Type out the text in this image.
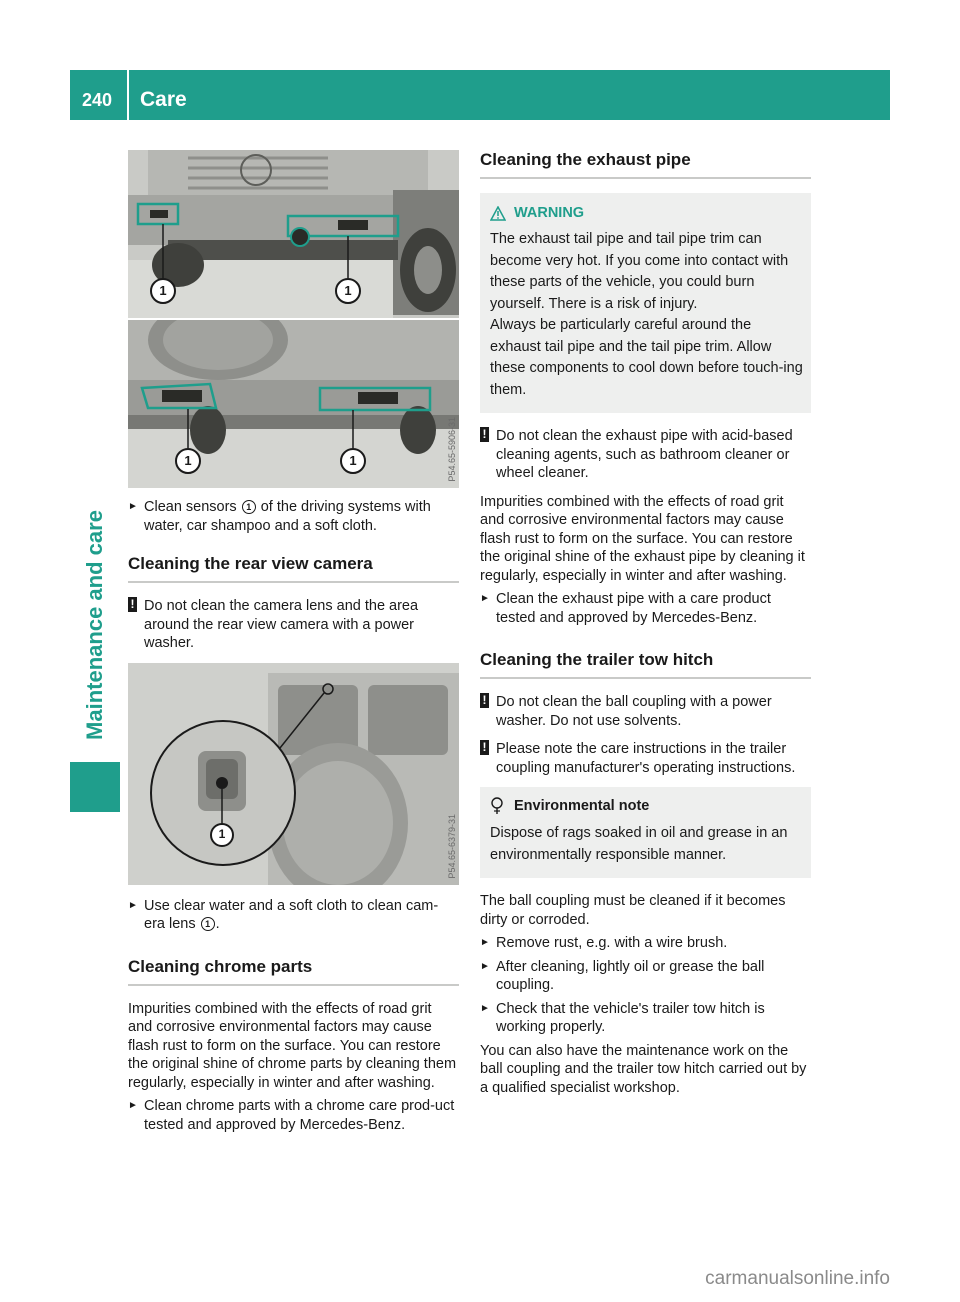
240 Care
Maintenance and care
1	1
1	1	P54.65-5906-31
► Clean sensors 1 of the driving systems with water, car shampoo and a soft cloth.
Cleaning the rear view camera
! Do not clean the camera lens and the area around the rear view camera with a power washer.
1	P54.65-6379-31
► Use clear water and a soft cloth to clean cam-era lens 1 .
Cleaning chrome parts
Impurities combined with the effects of road grit and corrosive environmental factors may cause flash rust to form on the surface. You can restore the original shine of chrome parts by cleaning them regularly, especially in winter and after washing.
► Clean chrome parts with a chrome care prod-uct tested and approved by Mercedes-Benz.
Cleaning the exhaust pipe
WARNING

The exhaust tail pipe and tail pipe trim can become very hot. If you come into contact with these parts of the vehicle, you could burn yourself. There is a risk of injury.

Always be particularly careful around the exhaust tail pipe and the tail pipe trim. Allow these components to cool down before touch-ing them.

! Do not clean the exhaust pipe with acid-based cleaning agents, such as bathroom cleaner or wheel cleaner.
Impurities combined with the effects of road grit and corrosive environmental factors may cause flash rust to form on the surface. You can restore the original shine of the exhaust pipe by cleaning it regularly, especially in winter and after washing.
► Clean the exhaust pipe with a care product tested and approved by Mercedes-Benz.
Cleaning the trailer tow hitch
! Do not clean the ball coupling with a power washer. Do not use solvents.
! Please note the care instructions in the trailer coupling manufacturer's operating instructions.
Environmental note

Dispose of rags soaked in oil and grease in an environmentally responsible manner.

The ball coupling must be cleaned if it becomes dirty or corroded.
► Remove rust, e.g. with a wire brush.
► After cleaning, lightly oil or grease the ball coupling.
► Check that the vehicle's trailer tow hitch is working properly.
You can also have the maintenance work on the ball coupling and the trailer tow hitch carried out by a qualified specialist workshop.
carmanualsonline.info
